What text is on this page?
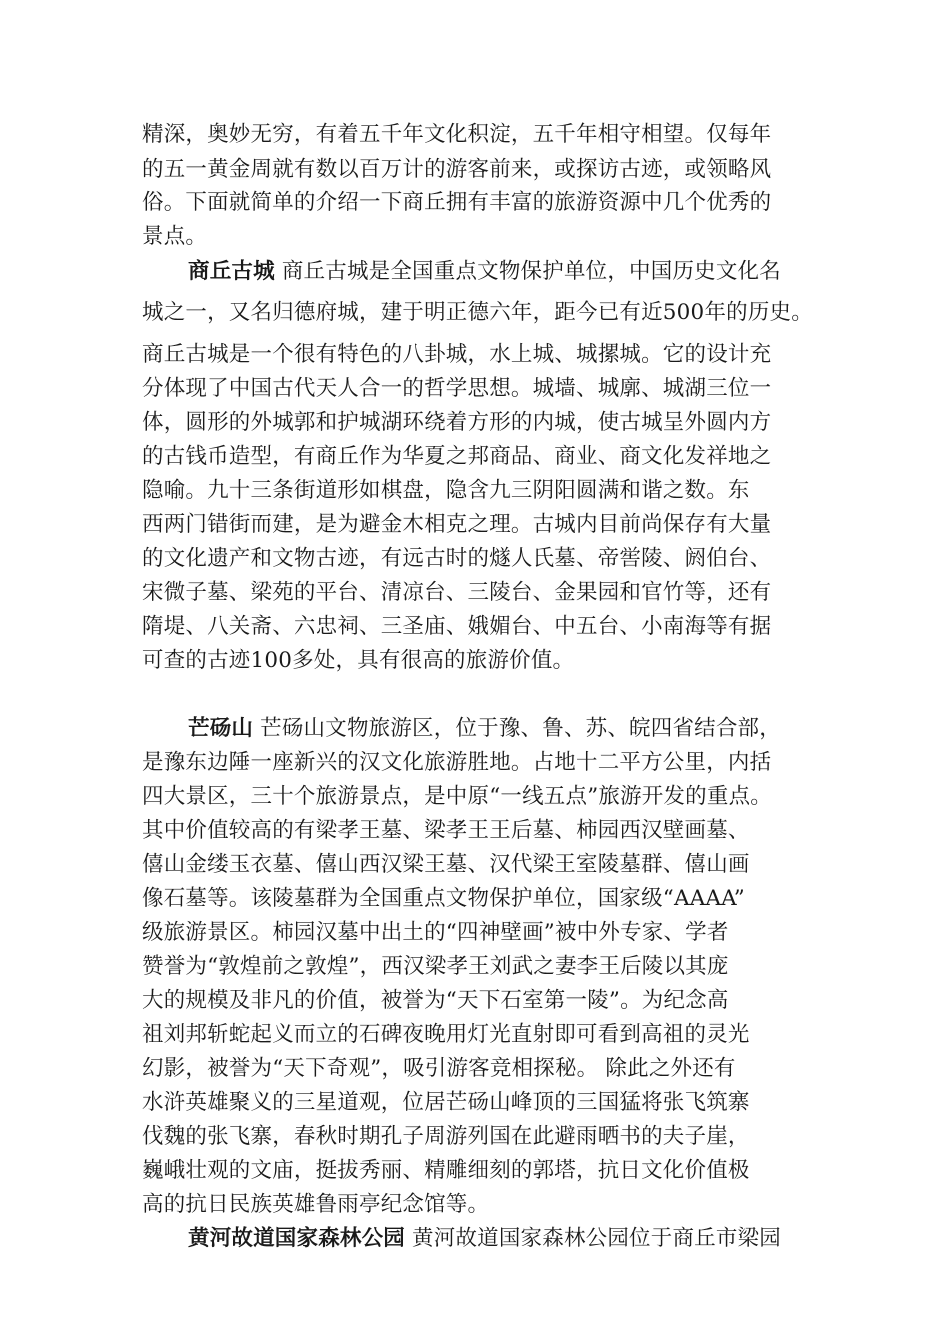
精深，奥妙无穷，有着五千年文化积淀，五千年相守相望。仅每年
的五一黄金周就有数以百万计的游客前来，或探访古迹，或领略风
俗。下面就简单的介绍一下商丘拥有丰富的旅游资源中几个优秀的
景点。
商丘古城 商丘古城是全国重点文物保护单位，中国历史文化名
城之一，又名归德府城，建于明正德六年，距今已有近500年的历史。
商丘古城是一个很有特色的八卦城，水上城、城摞城。它的设计充
分体现了中国古代天人合一的哲学思想。城墙、城廓、城湖三位一
体，圆形的外城郭和护城湖环绕着方形的内城，使古城呈外圆内方
的古钱币造型，有商丘作为华夏之邦商品、商业、商文化发祥地之
隐喻。九十三条街道形如棋盘，隐含九三阴阳圆满和谐之数。东
西两门错街而建，是为避金木相克之理。古城内目前尚保存有大量
的文化遗产和文物古迹，有远古时的燧人氏墓、帝喾陵、阏伯台、
宋微子墓、梁苑的平台、清凉台、三陵台、金果园和官竹等，还有
隋堤、八关斋、六忠祠、三圣庙、娥媚台、中五台、小南海等有据
可查的古迹100多处，具有很高的旅游价值。
芒砀山 芒砀山文物旅游区，位于豫、鲁、苏、皖四省结合部，
是豫东边陲一座新兴的汉文化旅游胜地。占地十二平方公里，内括
四大景区，三十个旅游景点，是中原“一线五点”旅游开发的重点。
其中价值较高的有梁孝王墓、梁孝王王后墓、柿园西汉壁画墓、
僖山金缕玉衣墓、僖山西汉梁王墓、汉代梁王室陵墓群、僖山画
像石墓等。该陵墓群为全国重点文物保护单位，国家级“AAAA”
级旅游景区。柿园汉墓中出土的“四神壁画”被中外专家、学者
赞誉为“敦煌前之敦煌”，西汉梁孝王刘武之妻李王后陵以其庞
大的规模及非凡的价值，被誉为“天下石室第一陵”。为纪念高
祖刘邦斩蛇起义而立的石碑夜晚用灯光直射即可看到高祖的灵光
幻影，被誉为“天下奇观”，吸引游客竞相探秘。 除此之外还有
水浒英雄聚义的三星道观，位居芒砀山峰顶的三国猛将张飞筑寨
伐魏的张飞寨，春秋时期孔子周游列国在此避雨晒书的夫子崖，
巍峨壮观的文庙，挺拔秀丽、精雕细刻的郭塔，抗日文化价值极
高的抗日民族英雄鲁雨亭纪念馆等。
黄河故道国家森林公园 黄河故道国家森林公园位于商丘市梁园
